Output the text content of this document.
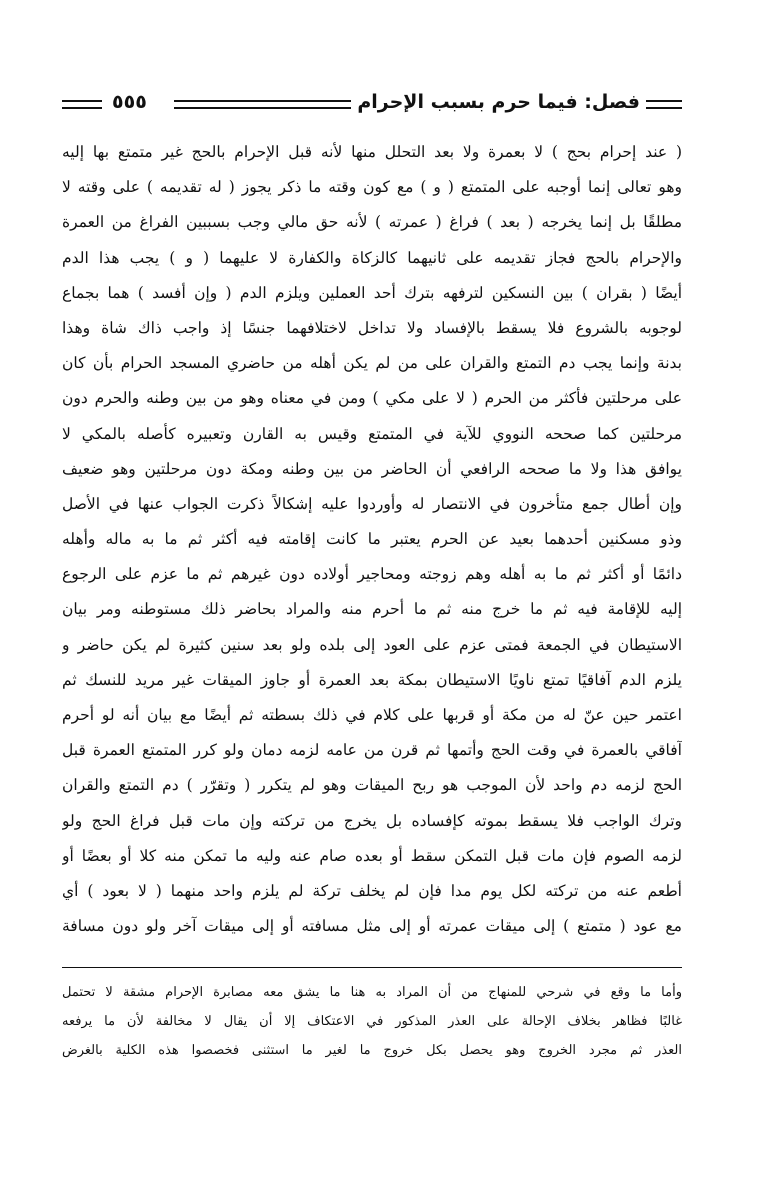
فصل: فيما حرم بسبب الإحرام
٥٥٥
( عند إحرام بحج ) لا بعمرة ولا بعد التحلل منها لأنه قبل الإحرام بالحج غير متمتع بها إليه
وهو تعالى إنما أوجبه على المتمتع ( و ) مع كون وقته ما ذكر يجوز ( له تقديمه ) على وقته لا
مطلقًا بل إنما يخرجه ( بعد ) فراغ ( عمرته ) لأنه حق مالي وجب بسببين الفراغ من العمرة
والإحرام بالحج فجاز تقديمه على ثانيهما كالزكاة والكفارة لا عليهما ( و ) يجب هذا الدم
أيضًا ( بقران ) بين النسكين لترفهه بترك أحد العملين ويلزم الدم ( وإن أفسد ) هما بجماع
لوجوبه بالشروع فلا يسقط بالإفساد ولا تداخل لاختلافهما جنسًا إذ واجب ذاك شاة وهذا
بدنة وإنما يجب دم التمتع والقران على من لم يكن أهله من حاضري المسجد الحرام بأن كان
على مرحلتين فأكثر من الحرم ( لا على مكي ) ومن في معناه وهو من بين وطنه والحرم دون
مرحلتين كما صححه النووي للآية في المتمتع وقيس به القارن وتعبيره كأصله بالمكي لا
يوافق هذا ولا ما صححه الرافعي أن الحاضر من بين وطنه ومكة دون مرحلتين وهو ضعيف
وإن أطال جمع متأخرون في الانتصار له وأوردوا عليه إشكالاً ذكرت الجواب عنها في الأصل
وذو مسكنين أحدهما بعيد عن الحرم يعتبر ما كانت إقامته فيه أكثر ثم ما به ماله وأهله
دائمًا أو أكثر ثم ما به أهله وهم زوجته ومحاجير أولاده دون غيرهم ثم ما عزم على الرجوع
إليه للإقامة فيه ثم ما خرج منه ثم ما أحرم منه والمراد بحاضر ذلك مستوطنه ومر بيان
الاستيطان في الجمعة فمتى عزم على العود إلى بلده ولو بعد سنين كثيرة لم يكن حاضر و
يلزم الدم آفاقيًا تمتع ناويًا الاستيطان بمكة بعد العمرة أو جاوز الميقات غير مريد للنسك ثم
اعتمر حين عنّ له من مكة أو قربها على كلام في ذلك بسطته ثم أيضًا مع بيان أنه لو أحرم
آفاقي بالعمرة في وقت الحج وأتمها ثم قرن من عامه لزمه دمان ولو كرر المتمتع العمرة قبل
الحج لزمه دم واحد لأن الموجب هو ربح الميقات وهو لم يتكرر ( وتقرّر ) دم التمتع والقران
وترك الواجب فلا يسقط بموته كإفساده بل يخرج من تركته وإن مات قبل فراغ الحج ولو
لزمه الصوم فإن مات قبل التمكن سقط أو بعده صام عنه وليه ما تمكن منه كلا أو بعضًا أو
أطعم عنه من تركته لكل يوم مدا فإن لم يخلف تركة لم يلزم واحد منهما ( لا بعود ) أي
مع عود ( متمتع ) إلى ميقات عمرته أو إلى مثل مسافته أو إلى ميقات آخر ولو دون مسافة
وأما ما وقع في شرحي للمنهاج من أن المراد به هنا ما يشق معه مصابرة الإحرام مشقة لا تحتمل
غالبًا فظاهر بخلاف الإحالة على العذر المذكور في الاعتكاف إلا أن يقال لا مخالفة لأن ما يرفعه
العذر ثم مجرد الخروج وهو يحصل بكل خروج ما لغير ما استثنى فخصصوا هذه الكلية بالغرض
